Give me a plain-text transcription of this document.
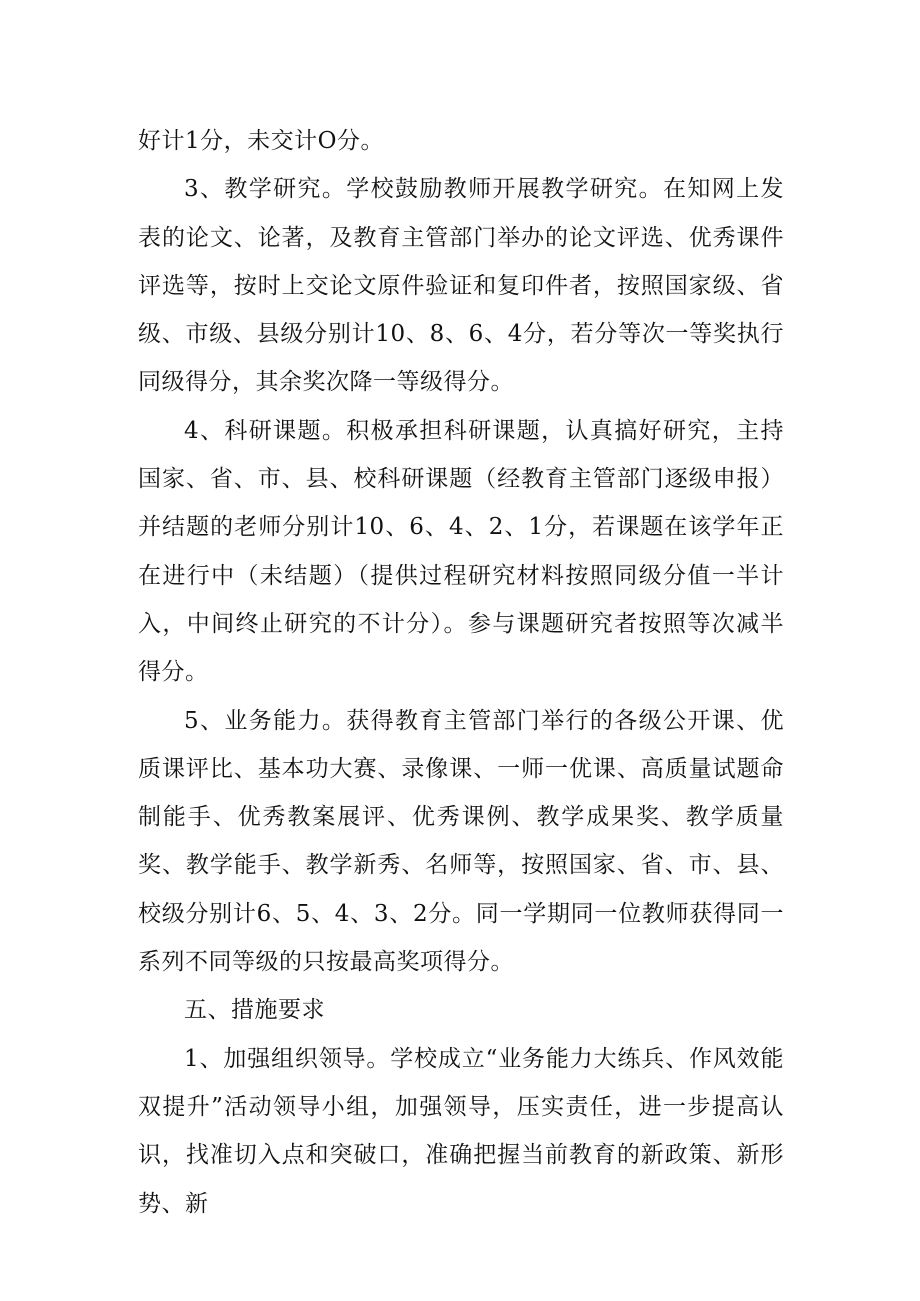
好计1分，未交计O分。

3、教学研究。学校鼓励教师开展教学研究。在知网上发表的论文、论著，及教育主管部门举办的论文评选、优秀课件评选等，按时上交论文原件验证和复印件者，按照国家级、省级、市级、县级分别计10、8、6、4分，若分等次一等奖执行同级得分，其余奖次降一等级得分。

4、科研课题。积极承担科研课题，认真搞好研究，主持国家、省、市、县、校科研课题（经教育主管部门逐级申报）并结题的老师分别计10、6、4、2、1分，若课题在该学年正在进行中（未结题）（提供过程研究材料按照同级分值一半计入，中间终止研究的不计分）。参与课题研究者按照等次减半得分。

5、业务能力。获得教育主管部门举行的各级公开课、优质课评比、基本功大赛、录像课、一师一优课、高质量试题命制能手、优秀教案展评、优秀课例、教学成果奖、教学质量奖、教学能手、教学新秀、名师等，按照国家、省、市、县、校级分别计6、5、4、3、2分。同一学期同一位教师获得同一系列不同等级的只按最高奖项得分。

五、措施要求

1、加强组织领导。学校成立“业务能力大练兵、作风效能双提升”活动领导小组，加强领导，压实责任，进一步提高认识，找准切入点和突破口，准确把握当前教育的新政策、新形势、新
